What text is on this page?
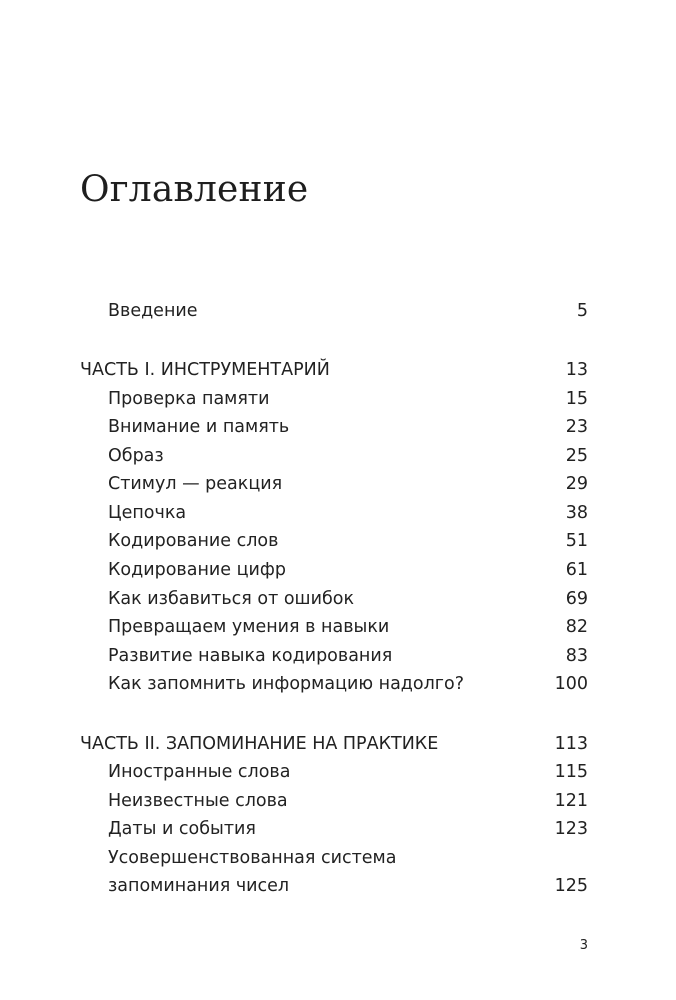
Оглавление
Введение	5
ЧАСТЬ I. ИНСТРУМЕНТАРИЙ	13
Проверка памяти	15
Внимание и память	23
Образ	25
Стимул — реакция	29
Цепочка	38
Кодирование слов	51
Кодирование цифр	61
Как избавиться от ошибок	69
Превращаем умения в навыки	82
Развитие навыка кодирования	83
Как запомнить информацию надолго?	100
ЧАСТЬ II. ЗАПОМИНАНИЕ НА ПРАКТИКЕ	113
Иностранные слова	115
Неизвестные слова	121
Даты и события	123
Усовершенствованная система
запоминания чисел	125
3
